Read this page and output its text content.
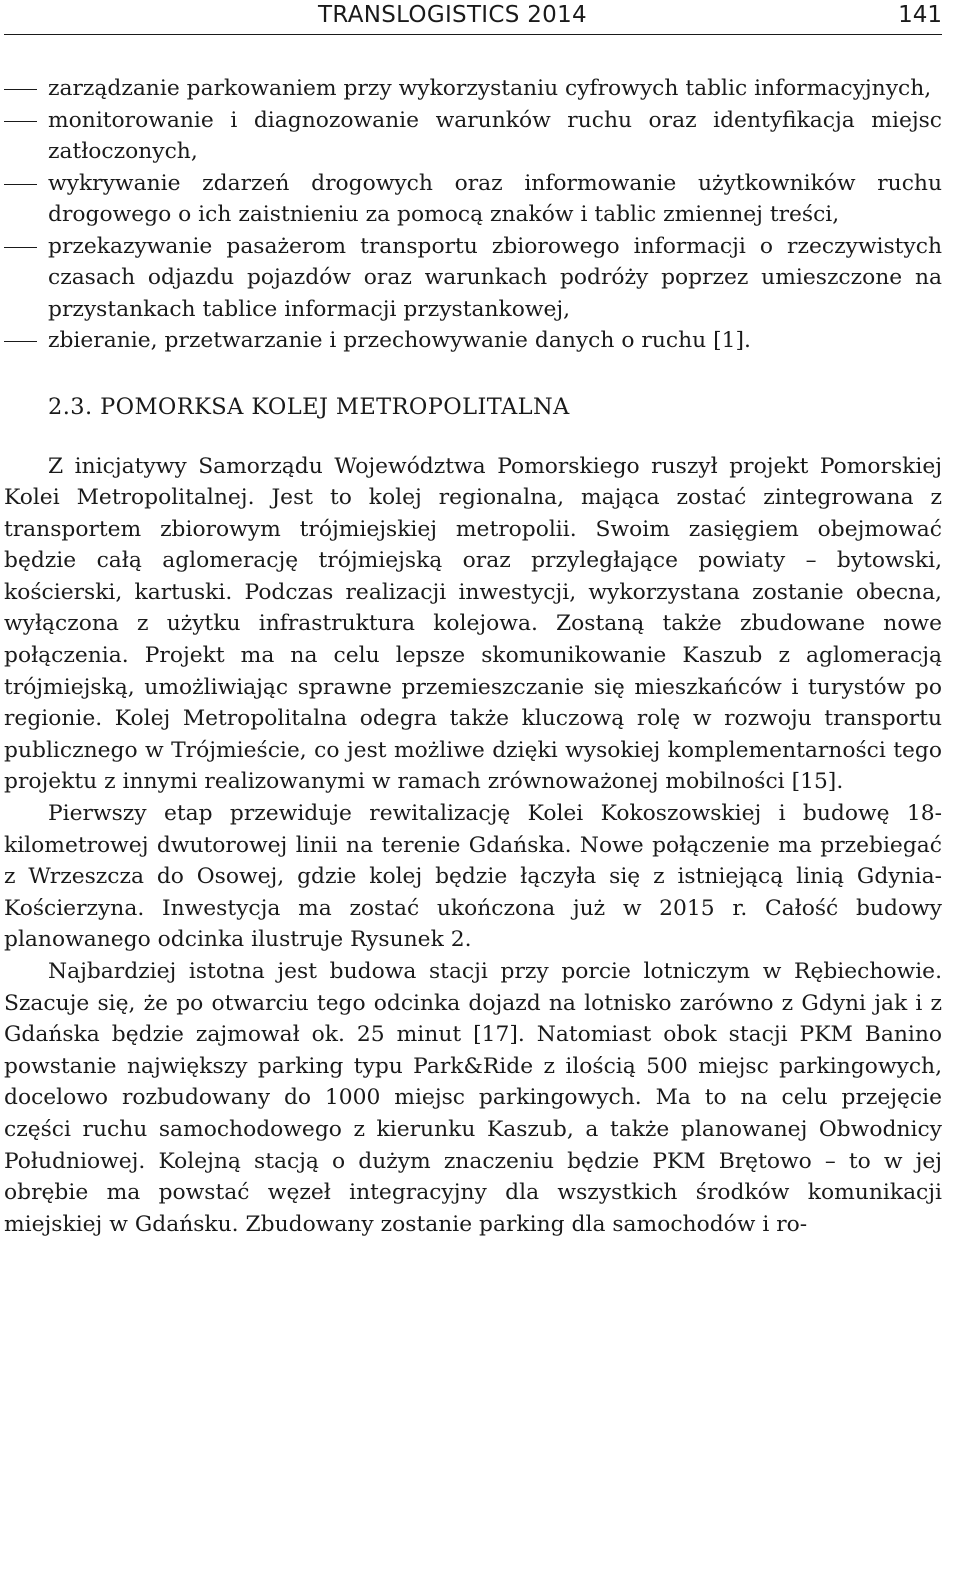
TRANSLOGISTICS 2014	141
zarządzanie parkowaniem przy wykorzystaniu cyfrowych tablic informacyjnych,
monitorowanie i diagnozowanie warunków ruchu oraz identyfikacja miejsc zatłoczonych,
wykrywanie zdarzeń drogowych oraz informowanie użytkowników ruchu drogowego o ich zaistnieniu za pomocą znaków i tablic zmiennej treści,
przekazywanie pasażerom transportu zbiorowego informacji o rzeczywistych czasach odjazdu pojazdów oraz warunkach podróży poprzez umieszczone na przystankach tablice informacji przystankowej,
zbieranie, przetwarzanie i przechowywanie danych o ruchu [1].
2.3. POMORKSA KOLEJ METROPOLITALNA

Z inicjatywy Samorządu Województwa Pomorskiego ruszył projekt Pomorskiej Kolei Metropolitalnej. Jest to kolej regionalna, mająca zostać zintegrowana z transportem zbiorowym trójmiejskiej metropolii. Swoim zasięgiem obejmować będzie całą aglomerację trójmiejską oraz przyległające powiaty – bytowski, kościerski, kartuski. Podczas realizacji inwestycji, wykorzystana zostanie obecna, wyłączona z użytku infrastruktura kolejowa. Zostaną także zbudowane nowe połączenia. Projekt ma na celu lepsze skomunikowanie Kaszub z aglomeracją trójmiejską, umożliwiając sprawne przemieszczanie się mieszkańców i turystów po regionie. Kolej Metropolitalna odegra także kluczową rolę w rozwoju transportu publicznego w Trójmieście, co jest możliwe dzięki wysokiej komplementarności tego projektu z innymi realizowanymi w ramach zrównoważonej mobilności [15].

Pierwszy etap przewiduje rewitalizację Kolei Kokoszowskiej i budowę 18-kilometrowej dwutorowej linii na terenie Gdańska. Nowe połączenie ma przebiegać z Wrzeszcza do Osowej, gdzie kolej będzie łączyła się z istniejącą linią Gdynia- Kościerzyna. Inwestycja ma zostać ukończona już w 2015 r. Całość budowy planowanego odcinka ilustruje Rysunek 2.

Najbardziej istotna jest budowa stacji przy porcie lotniczym w Rębiechowie. Szacuje się, że po otwarciu tego odcinka dojazd na lotnisko zarówno z Gdyni jak i z Gdańska będzie zajmował ok. 25 minut [17]. Natomiast obok stacji PKM Banino powstanie największy parking typu Park&Ride z ilością 500 miejsc parkingowych, docelowo rozbudowany do 1000 miejsc parkingowych. Ma to na celu przejęcie części ruchu samochodowego z kierunku Kaszub, a także planowanej Obwodnicy Południowej. Kolejną stacją o dużym znaczeniu będzie PKM Brętowo – to w jej obrębie ma powstać węzeł integracyjny dla wszystkich środków komunikacji miejskiej w Gdańsku. Zbudowany zostanie parking dla samochodów i ro-
